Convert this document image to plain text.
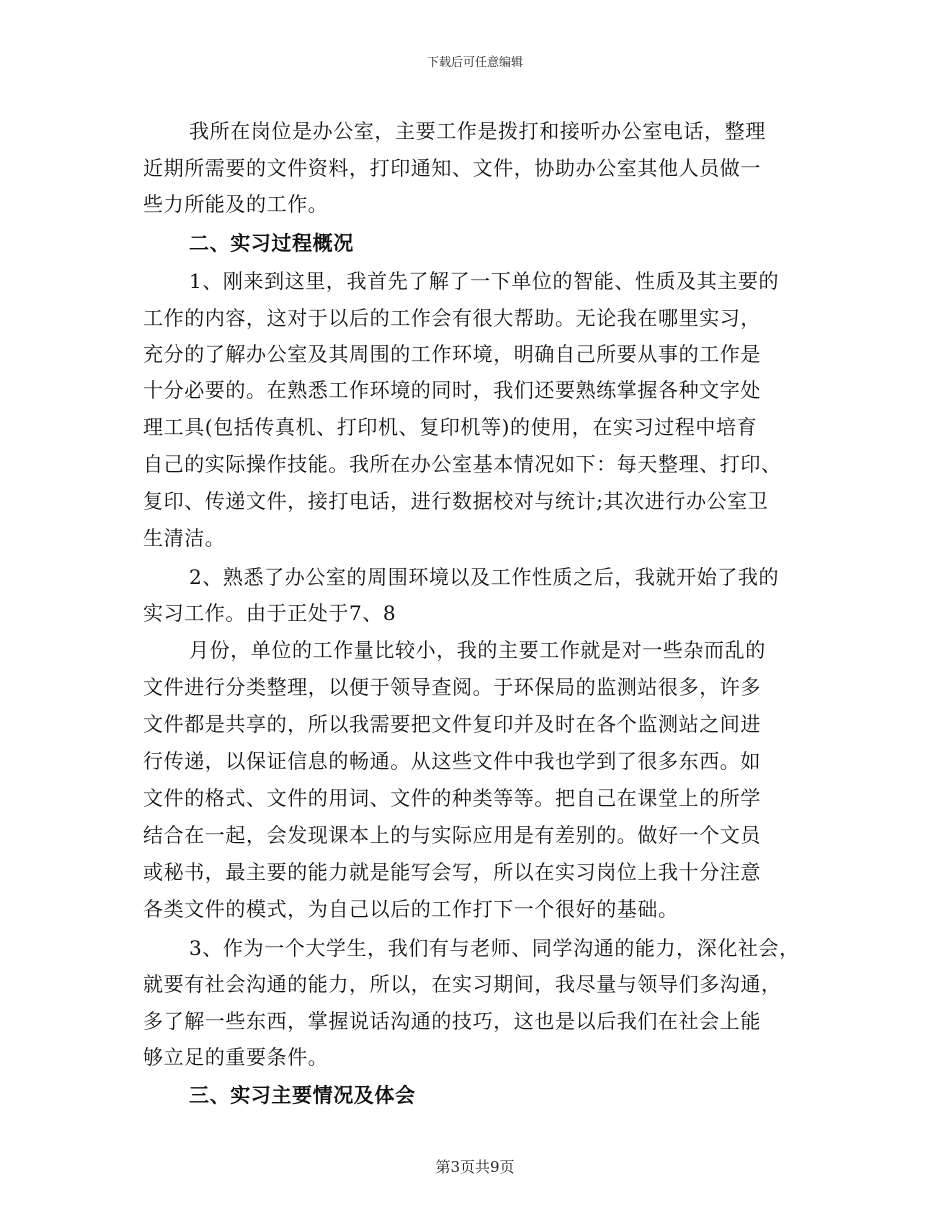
下载后可任意编辑
我所在岗位是办公室，主要工作是拨打和接听办公室电话，整理
近期所需要的文件资料，打印通知、文件，协助办公室其他人员做一
些力所能及的工作。
二、实习过程概况
1、刚来到这里，我首先了解了一下单位的智能、性质及其主要的
工作的内容，这对于以后的工作会有很大帮助。无论我在哪里实习，
充分的了解办公室及其周围的工作环境，明确自己所要从事的工作是
十分必要的。在熟悉工作环境的同时，我们还要熟练掌握各种文字处
理工具(包括传真机、打印机、复印机等)的使用，在实习过程中培育
自己的实际操作技能。我所在办公室基本情况如下：每天整理、打印、
复印、传递文件，接打电话，进行数据校对与统计;其次进行办公室卫
生清洁。
2、熟悉了办公室的周围环境以及工作性质之后，我就开始了我的
实习工作。由于正处于7、8
月份，单位的工作量比较小，我的主要工作就是对一些杂而乱的
文件进行分类整理，以便于领导查阅。于环保局的监测站很多，许多
文件都是共享的，所以我需要把文件复印并及时在各个监测站之间进
行传递，以保证信息的畅通。从这些文件中我也学到了很多东西。如
文件的格式、文件的用词、文件的种类等等。把自己在课堂上的所学
结合在一起，会发现课本上的与实际应用是有差别的。做好一个文员
或秘书，最主要的能力就是能写会写，所以在实习岗位上我十分注意
各类文件的模式，为自己以后的工作打下一个很好的基础。
3、作为一个大学生，我们有与老师、同学沟通的能力，深化社会，
就要有社会沟通的能力，所以，在实习期间，我尽量与领导们多沟通，
多了解一些东西，掌握说话沟通的技巧，这也是以后我们在社会上能
够立足的重要条件。
三、实习主要情况及体会
第3页共9页
